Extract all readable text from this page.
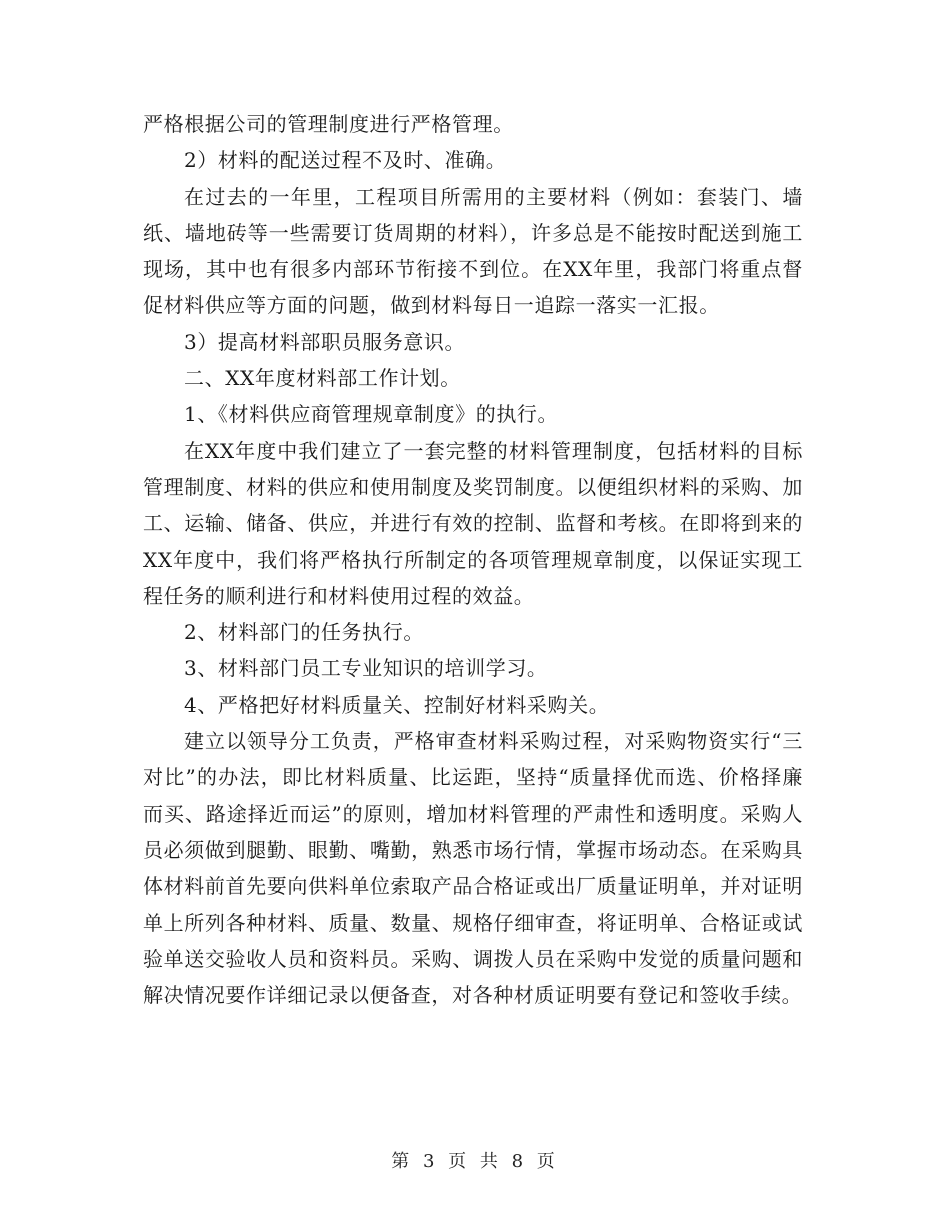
严格根据公司的管理制度进行严格管理。

2）材料的配送过程不及时、准确。

在过去的一年里，工程项目所需用的主要材料（例如：套装门、墙纸、墙地砖等一些需要订货周期的材料），许多总是不能按时配送到施工现场，其中也有很多内部环节衔接不到位。在XX年里，我部门将重点督促材料供应等方面的问题，做到材料每日一追踪一落实一汇报。

3）提高材料部职员服务意识。

二、XX年度材料部工作计划。

1、《材料供应商管理规章制度》的执行。

在XX年度中我们建立了一套完整的材料管理制度，包括材料的目标管理制度、材料的供应和使用制度及奖罚制度。以便组织材料的采购、加工、运输、储备、供应，并进行有效的控制、监督和考核。在即将到来的XX年度中，我们将严格执行所制定的各项管理规章制度，以保证实现工程任务的顺利进行和材料使用过程的效益。

2、材料部门的任务执行。

3、材料部门员工专业知识的培训学习。

4、严格把好材料质量关、控制好材料采购关。

建立以领导分工负责，严格审查材料采购过程，对采购物资实行“三对比”的办法，即比材料质量、比运距，坚持“质量择优而选、价格择廉而买、路途择近而运”的原则，增加材料管理的严肃性和透明度。采购人员必须做到腿勤、眼勤、嘴勤，熟悉市场行情，掌握市场动态。在采购具体材料前首先要向供料单位索取产品合格证或出厂质量证明单，并对证明单上所列各种材料、质量、数量、规格仔细审查，将证明单、合格证或试验单送交验收人员和资料员。采购、调拨人员在采购中发觉的质量问题和解决情况要作详细记录以便备查，对各种材质证明要有登记和签收手续。

第 3 页 共 8 页
